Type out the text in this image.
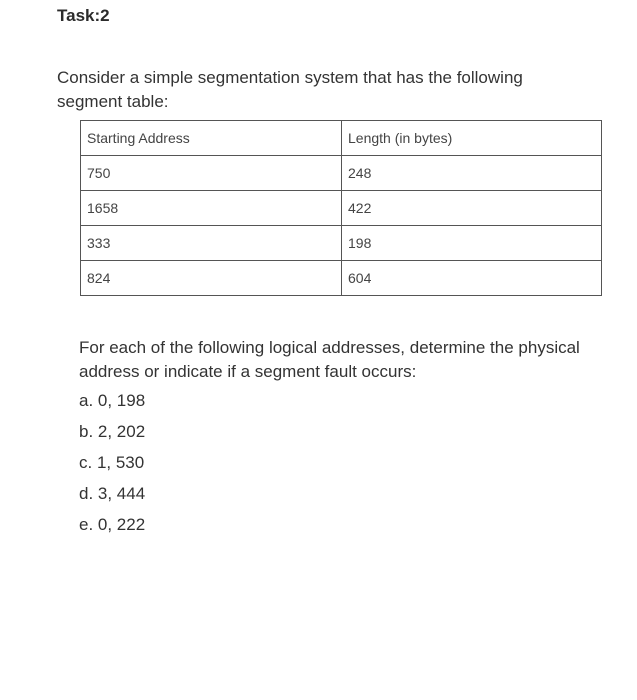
Task:2
Consider a simple segmentation system that has the following segment table:
Starting Address	Length (in bytes)
750	248
1658	422
333	198
824	604
For each of the following logical addresses, determine the physical address or indicate if a segment fault occurs:
a. 0, 198
b. 2, 202
c. 1, 530
d. 3, 444
e. 0, 222
